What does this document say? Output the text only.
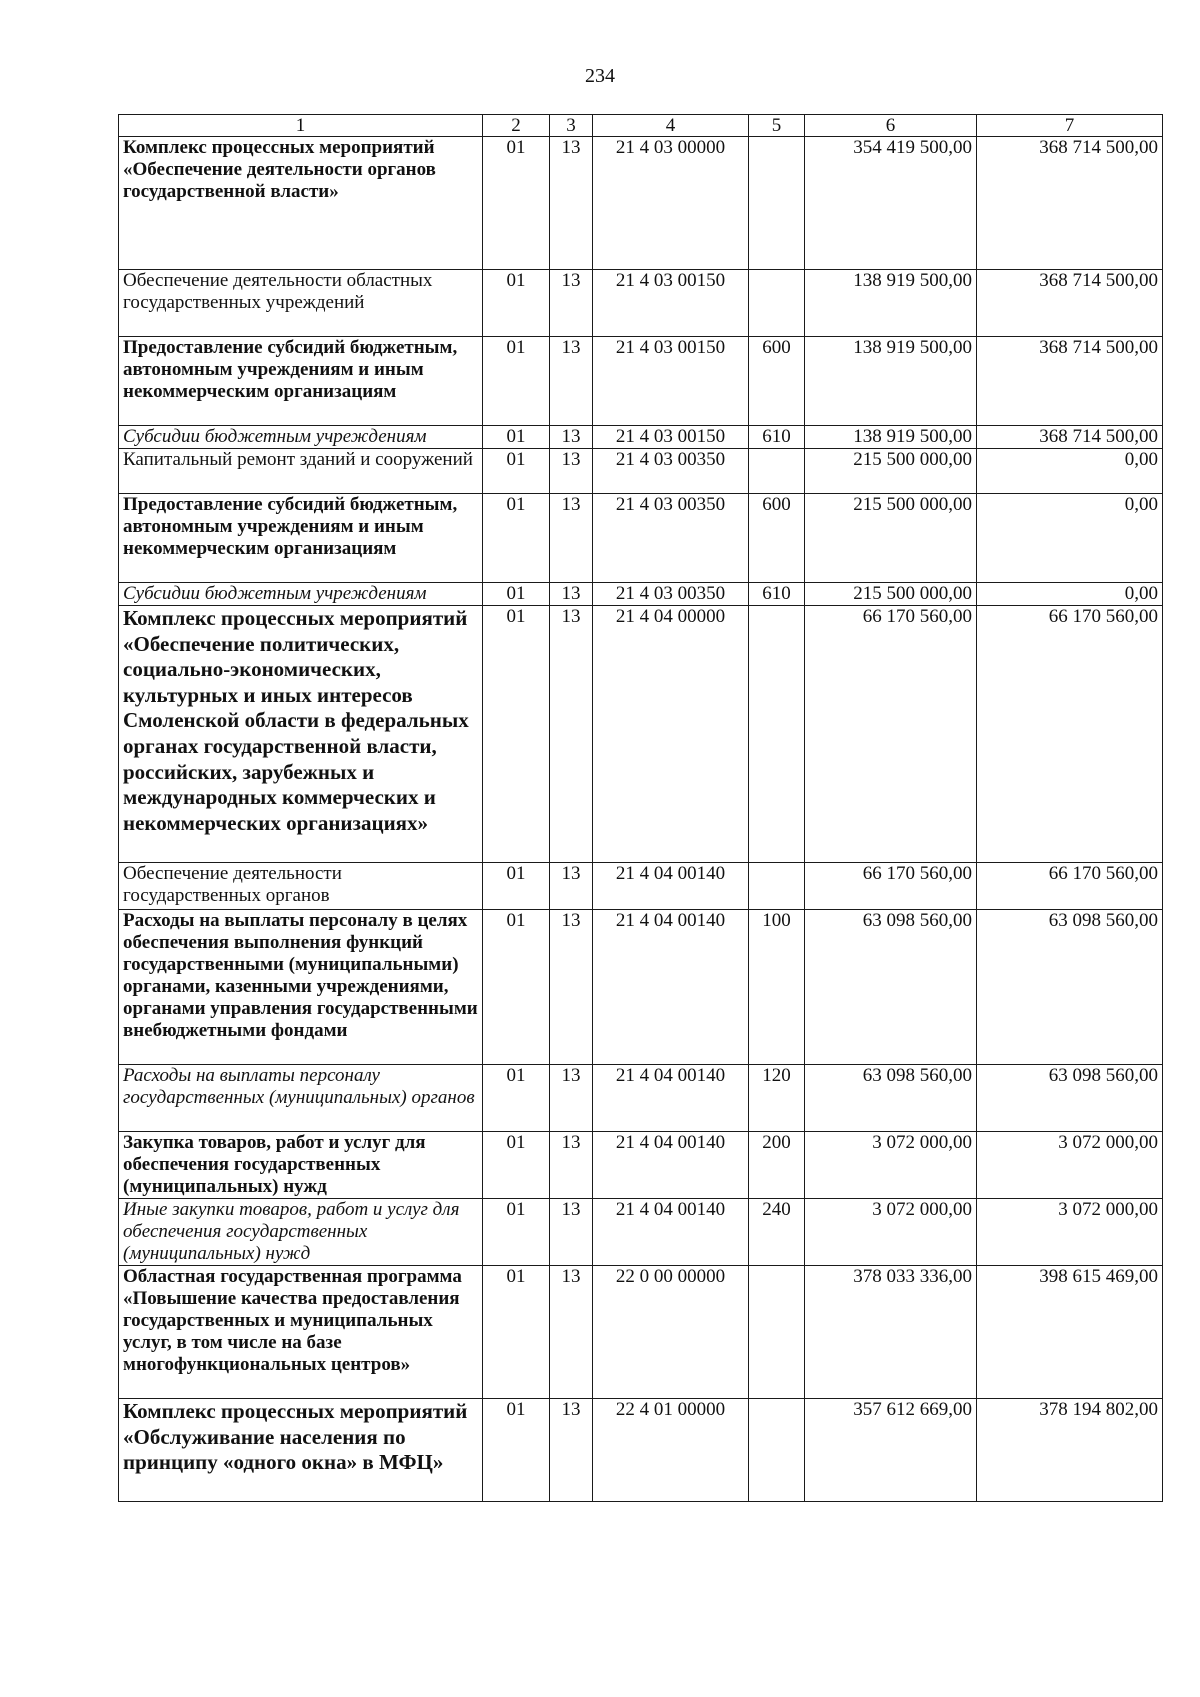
234
1	2	3	4	5	6	7
Комплекс процессных мероприятий «Обеспечение деятельности органов государственной власти»	01	13	21 4 03 00000		354 419 500,00	368 714 500,00
Обеспечение деятельности областных государственных учреждений	01	13	21 4 03 00150		138 919 500,00	368 714 500,00
Предоставление субсидий бюджетным, автономным учреждениям и иным некоммерческим организациям	01	13	21 4 03 00150	600	138 919 500,00	368 714 500,00
Субсидии бюджетным учреждениям	01	13	21 4 03 00150	610	138 919 500,00	368 714 500,00
Капитальный ремонт зданий и сооружений	01	13	21 4 03 00350		215 500 000,00	0,00
Предоставление субсидий бюджетным, автономным учреждениям и иным некоммерческим организациям	01	13	21 4 03 00350	600	215 500 000,00	0,00
Субсидии бюджетным учреждениям	01	13	21 4 03 00350	610	215 500 000,00	0,00
Комплекс процессных мероприятий «Обеспечение политических, социально-экономических, культурных и иных интересов Смоленской области в федеральных органах государственной власти, российских, зарубежных и международных коммерческих и некоммерческих организациях»	01	13	21 4 04 00000		66 170 560,00	66 170 560,00
Обеспечение деятельности государственных органов	01	13	21 4 04 00140		66 170 560,00	66 170 560,00
Расходы на выплаты персоналу в целях обеспечения выполнения функций государственными (муниципальными) органами, казенными учреждениями, органами управления государственными внебюджетными фондами	01	13	21 4 04 00140	100	63 098 560,00	63 098 560,00
Расходы на выплаты персоналу государственных (муниципальных) органов	01	13	21 4 04 00140	120	63 098 560,00	63 098 560,00
Закупка товаров, работ и услуг для обеспечения государственных (муниципальных) нужд	01	13	21 4 04 00140	200	3 072 000,00	3 072 000,00
Иные закупки товаров, работ и услуг для обеспечения государственных (муниципальных) нужд	01	13	21 4 04 00140	240	3 072 000,00	3 072 000,00
Областная государственная программа «Повышение качества предоставления государственных и муниципальных услуг, в том числе на базе многофункциональных центров»	01	13	22 0 00 00000		378 033 336,00	398 615 469,00
Комплекс процессных мероприятий «Обслуживание населения по принципу «одного окна» в МФЦ»	01	13	22 4 01 00000		357 612 669,00	378 194 802,00
